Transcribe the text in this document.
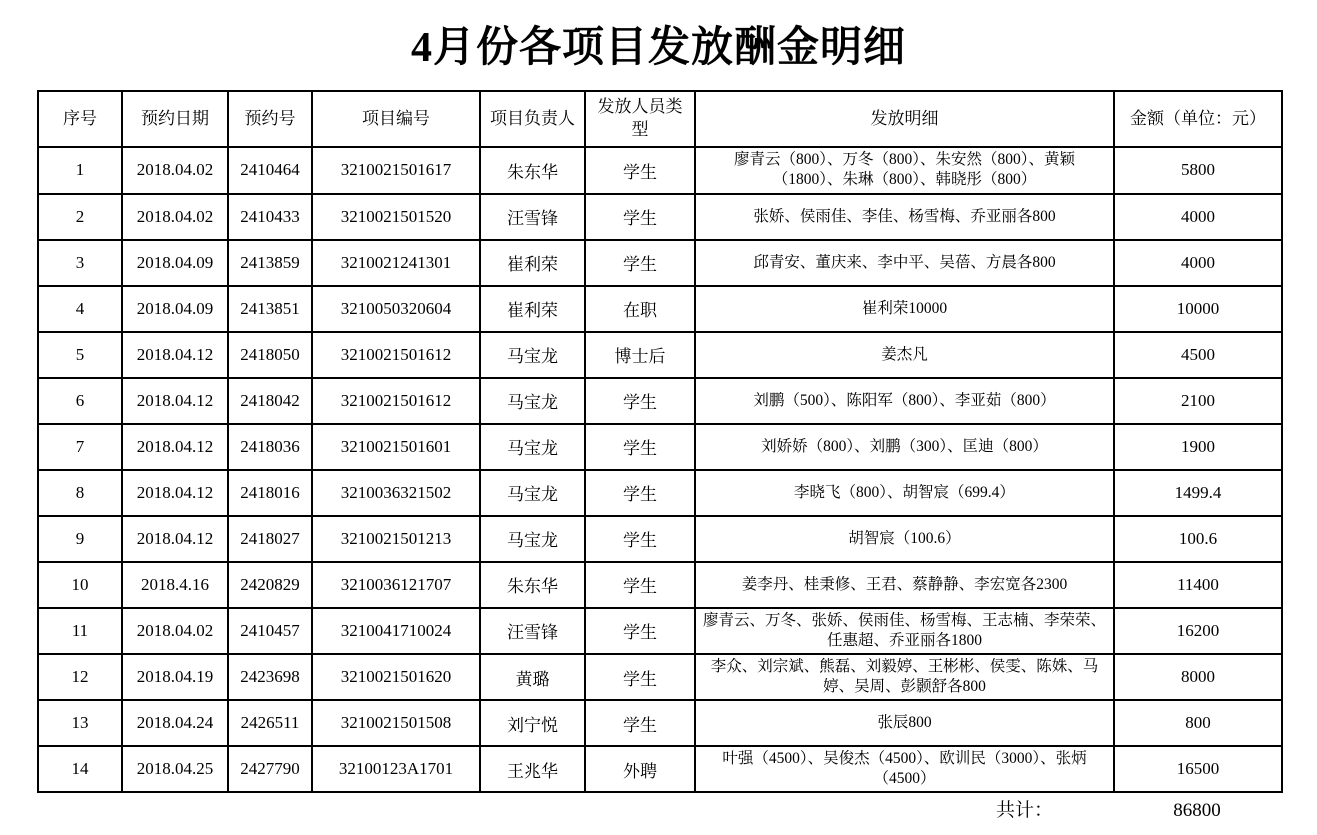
4月份各项目发放酬金明细
序号	预约日期	预约号	项目编号	项目负责人	发放人员类型	发放明细	金额（单位：元）
1	2018.04.02	2410464	3210021501617	朱东华	学生	廖青云（800）、万冬（800）、朱安然（800）、黄颖（1800）、朱琳（800）、韩晓彤（800）	5800
2	2018.04.02	2410433	3210021501520	汪雪锋	学生	张娇、侯雨佳、李佳、杨雪梅、乔亚丽各800	4000
3	2018.04.09	2413859	3210021241301	崔利荣	学生	邱青安、董庆来、李中平、吴蓓、方晨各800	4000
4	2018.04.09	2413851	3210050320604	崔利荣	在职	崔利荣10000	10000
5	2018.04.12	2418050	3210021501612	马宝龙	博士后	姜杰凡	4500
6	2018.04.12	2418042	3210021501612	马宝龙	学生	刘鹏（500）、陈阳军（800）、李亚茹（800）	2100
7	2018.04.12	2418036	3210021501601	马宝龙	学生	刘娇娇（800）、刘鹏（300）、匡迪（800）	1900
8	2018.04.12	2418016	3210036321502	马宝龙	学生	李晓飞（800）、胡智宸（699.4）	1499.4
9	2018.04.12	2418027	3210021501213	马宝龙	学生	胡智宸（100.6）	100.6
10	2018.4.16	2420829	3210036121707	朱东华	学生	姜李丹、桂秉修、王君、蔡静静、李宏宽各2300	11400
11	2018.04.02	2410457	3210041710024	汪雪锋	学生	廖青云、万冬、张娇、侯雨佳、杨雪梅、王志楠、李荣荣、任惠超、乔亚丽各1800	16200
12	2018.04.19	2423698	3210021501620	黄璐	学生	李众、刘宗斌、熊磊、刘毅婷、王彬彬、侯雯、陈姝、马婷、吴周、彭颢舒各800	8000
13	2018.04.24	2426511	3210021501508	刘宁悦	学生	张辰800	800
14	2018.04.25	2427790	32100123A1701	王兆华	外聘	叶强（4500）、吴俊杰（4500）、欧训民（3000）、张炳（4500）	16500
共计：	86800
